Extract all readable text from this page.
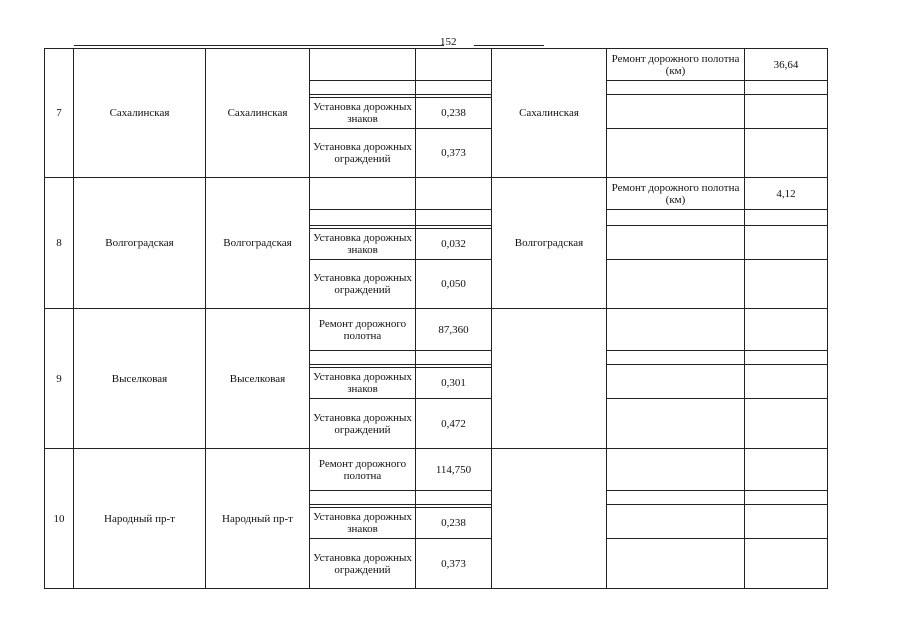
152
7	Сахалинская	Сахалинская			Сахалинская	Ремонт дорожного полотна (км)	36,64

			Установка дорожных знаков	0,238			
			Установка дорожных ограждений	0,373			
8	Волгоградская	Волгоградская			Волгоградская	Ремонт дорожного полотна (км)	4,12

			Установка дорожных знаков	0,032			
			Установка дорожных ограждений	0,050			
9	Выселковая	Выселковая	Ремонт дорожного полотна	87,360			

			Установка дорожных знаков	0,301			
			Установка дорожных ограждений	0,472			
10	Народный пр-т	Народный пр-т	Ремонт дорожного полотна	114,750			

			Установка дорожных знаков	0,238			
			Установка дорожных ограждений	0,373			
